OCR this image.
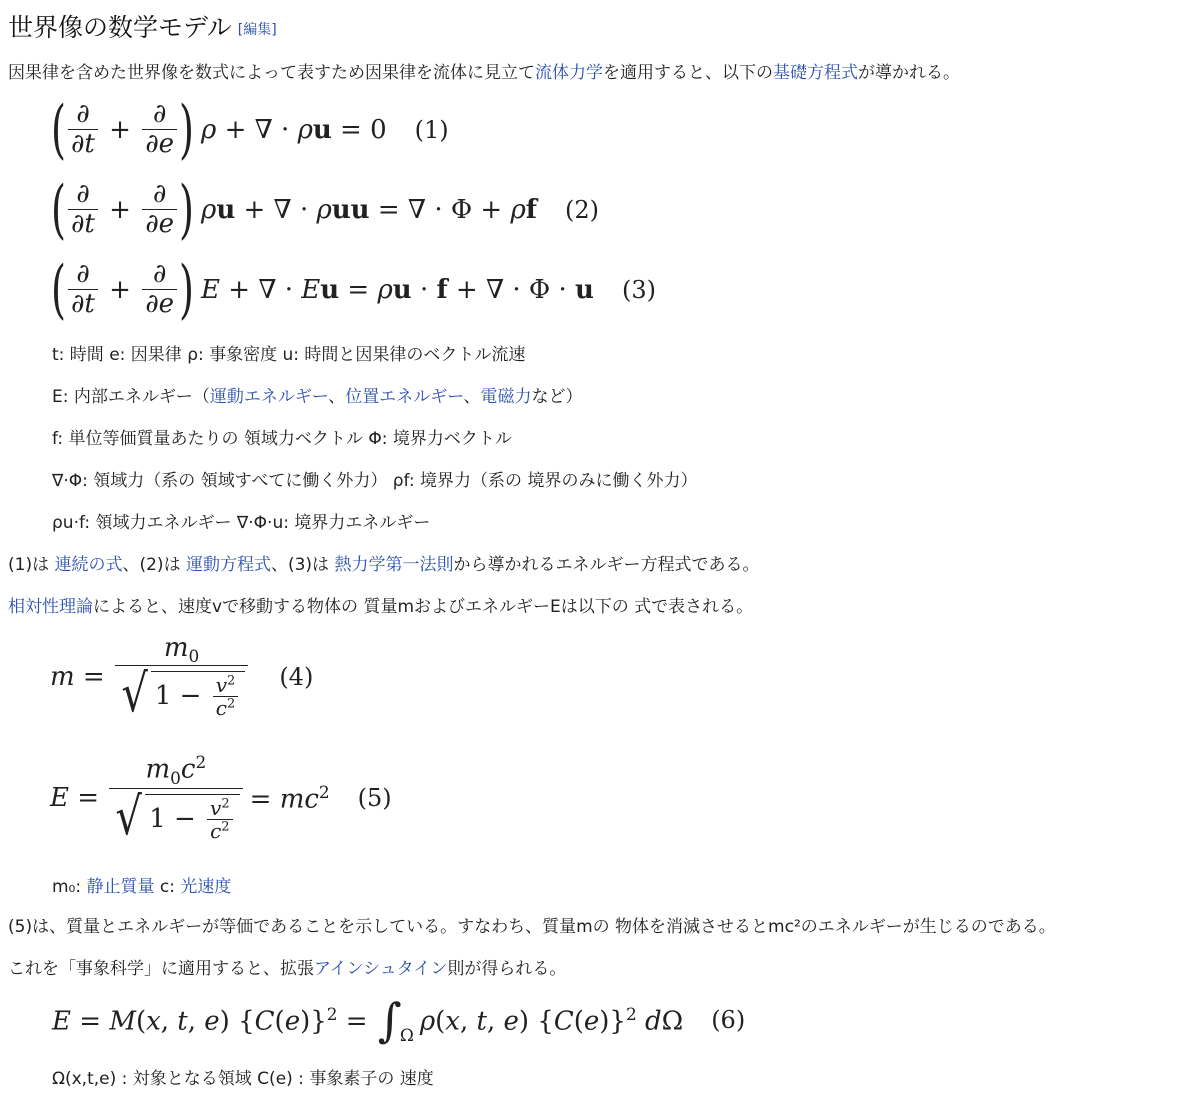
世界像の数学モデル [編集]
因果律を含めた世界像を数式によって表すため因果律を流体に見立て流体力学を適用すると、以下の基礎方程式が導かれる。
( $\frac{\partial}{\partial t} + \frac{\partial}{\partial e}$ ) ρ + ∇ · ρu = 0 (1)
( $\frac{\partial}{\partial t} + \frac{\partial}{\partial e}$ ) ρu + ∇ · ρuu = ∇ · Φ + ρf (2)
( $\frac{\partial}{\partial t} + \frac{\partial}{\partial e}$ ) E + ∇ · Eu = ρu · f + ∇ · Φ · u (3)
t: 時間 e: 因果律 ρ: 事象密度 u: 時間と因果律のベクトル流速
E: 内部エネルギー（運動エネルギー、位置エネルギー、電磁力など）
f: 単位等価質量あたりの 領域力ベクトル Φ: 境界力ベクトル
∇·Φ: 領域力（系の 領域すべてに働く外力） ρf: 境界力（系の 境界のみに働く外力）
ρu·f: 領域力エネルギー ∇·Φ·u: 境界力エネルギー
(1)は 連続の式、(2)は 運動方程式、(3)は 熱力学第一法則から導かれるエネルギー方程式である。
相対性理論によると、速度vで移動する物体の 質量mおよびエネルギーEは以下の 式で表される。
$m = \frac{m_0}{√ 1 - \frac{v^2}{c^2}} (4)$
$E = \frac{m_0c^2}{√ 1 - \frac{v^2}{c^2}} = mc^2$ (5)
m₀: 静止質量 c: 光速度
(5)は、質量とエネルギーが等価であることを示している。すなわち、質量mの 物体を消滅させるとmc²のエネルギーが生じるのである。
これを「事象科学」に適用すると、拡張アインシュタイン則が得られる。
E = M(x, t, e) $\{C(e)\}^2$ = ∫
Ω ρ(x, t, e) $\{C(e)\}^2$ dΩ (6)
Ω(x,t,e) : 対象となる領域 C(e) : 事象素子の 速度
